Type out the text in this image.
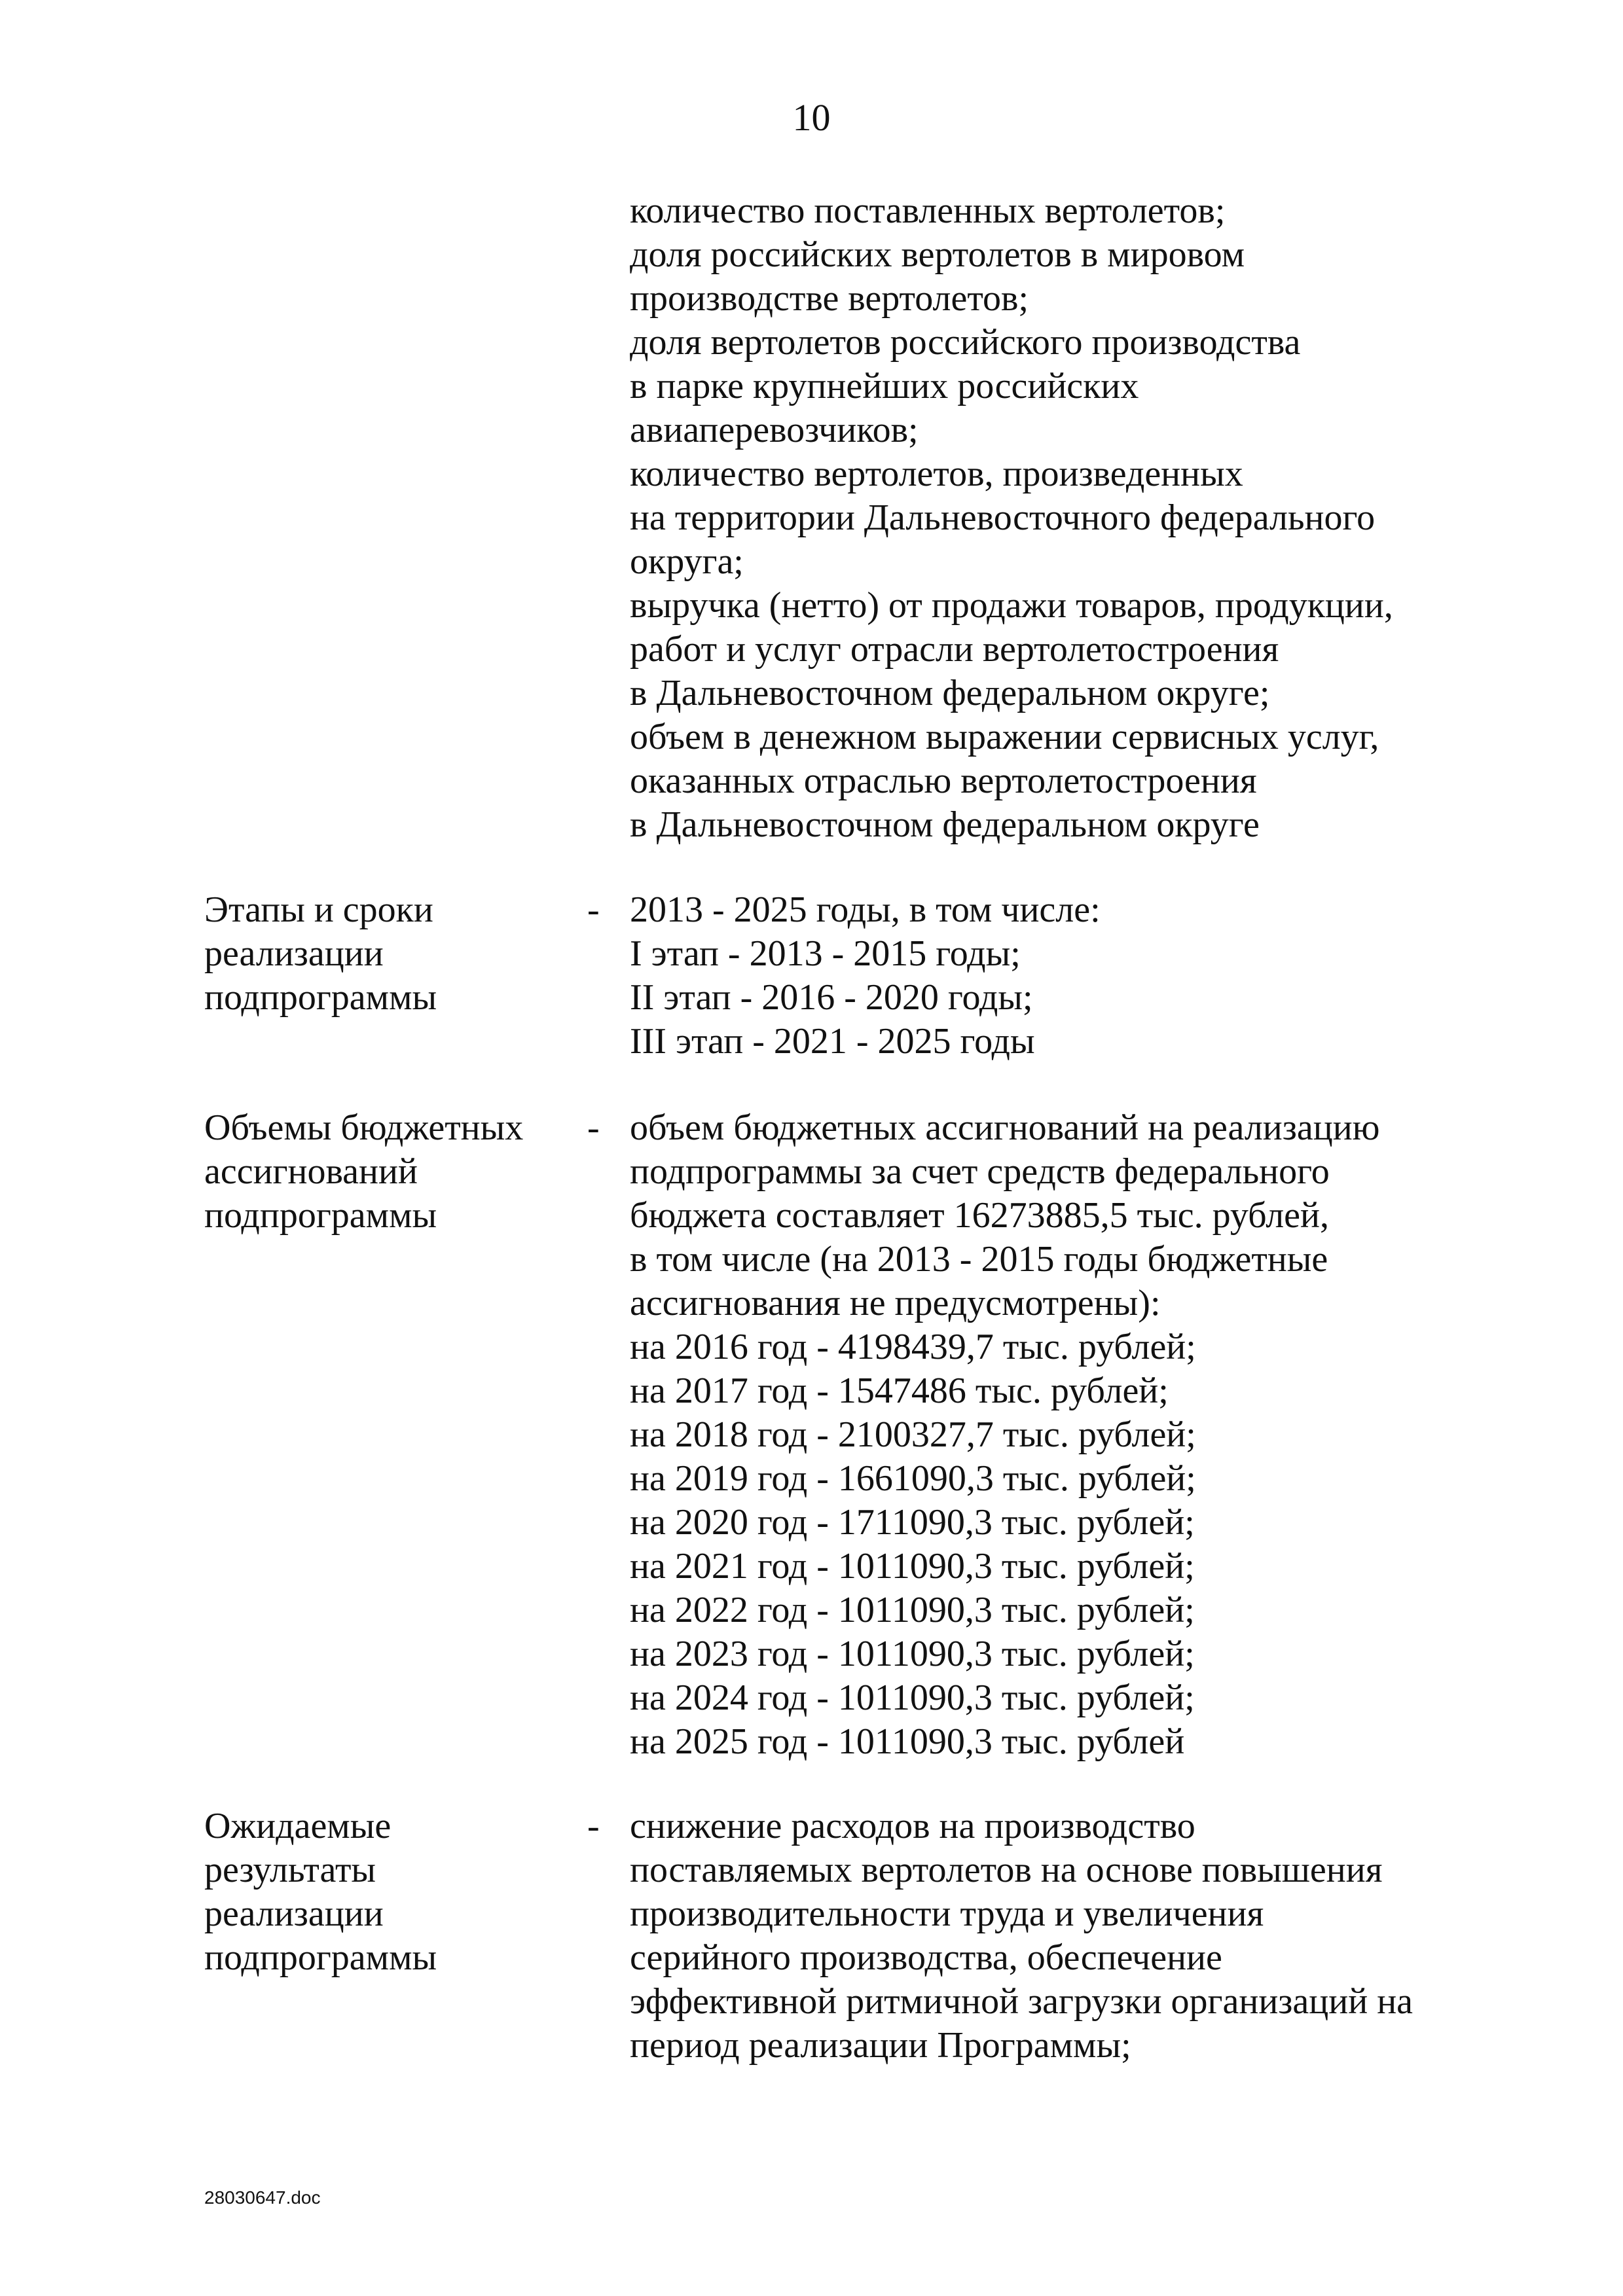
10
количество поставленных вертолетов;
доля российских вертолетов в мировом
производстве вертолетов;
доля вертолетов российского производства
в парке крупнейших российских
авиаперевозчиков;
количество вертолетов, произведенных
на территории Дальневосточного федерального
округа;
выручка (нетто) от продажи товаров, продукции,
работ и услуг отрасли вертолетостроения
в Дальневосточном федеральном округе;
объем в денежном выражении сервисных услуг,
оказанных отраслью вертолетостроения
в Дальневосточном федеральном округе
Этапы и сроки
реализации
подпрограммы
- 2013 - 2025 годы, в том числе:
I этап - 2013 - 2015 годы;
II этап - 2016 - 2020 годы;
III этап - 2021 - 2025 годы
Объемы бюджетных
ассигнований
подпрограммы
- объем бюджетных ассигнований на реализацию
подпрограммы за счет средств федерального
бюджета составляет 16273885,5 тыс. рублей,
в том числе (на 2013 - 2015 годы бюджетные
ассигнования не предусмотрены):
на 2016 год - 4198439,7 тыс. рублей;
на 2017 год - 1547486 тыс. рублей;
на 2018 год - 2100327,7 тыс. рублей;
на 2019 год - 1661090,3 тыс. рублей;
на 2020 год - 1711090,3 тыс. рублей;
на 2021 год - 1011090,3 тыс. рублей;
на 2022 год - 1011090,3 тыс. рублей;
на 2023 год - 1011090,3 тыс. рублей;
на 2024 год - 1011090,3 тыс. рублей;
на 2025 год - 1011090,3 тыс. рублей
Ожидаемые
результаты
реализации
подпрограммы
- снижение расходов на производство
поставляемых вертолетов на основе повышения
производительности труда и увеличения
серийного производства, обеспечение
эффективной ритмичной загрузки организаций на
период реализации Программы;
28030647.doc
